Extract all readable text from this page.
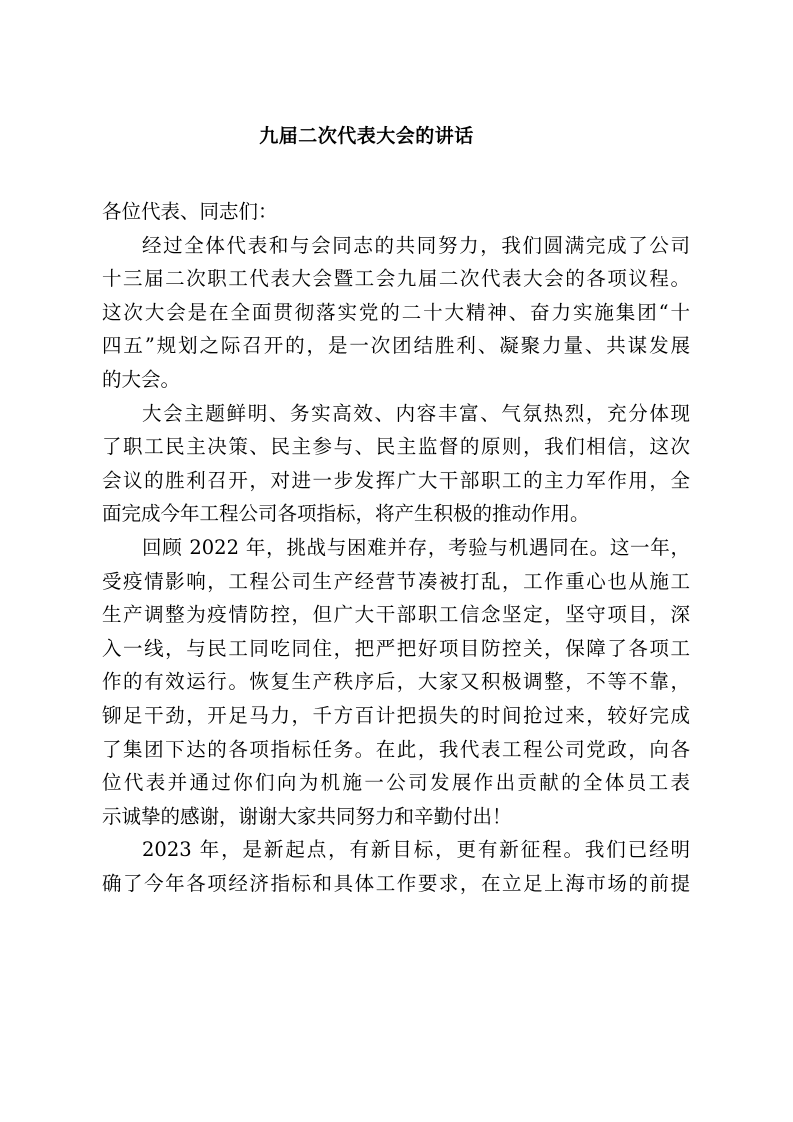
九届二次代表大会的讲话
各位代表、同志们：
经过全体代表和与会同志的共同努力，我们圆满完成了公司
十三届二次职工代表大会暨工会九届二次代表大会的各项议程。
这次大会是在全面贯彻落实党的二十大精神、奋力实施集团“十
四五”规划之际召开的，是一次团结胜利、凝聚力量、共谋发展
的大会。
大会主题鲜明、务实高效、内容丰富、气氛热烈，充分体现
了职工民主决策、民主参与、民主监督的原则，我们相信，这次
会议的胜利召开，对进一步发挥广大干部职工的主力军作用，全
面完成今年工程公司各项指标，将产生积极的推动作用。
回顾 2022 年，挑战与困难并存，考验与机遇同在。这一年，
受疫情影响，工程公司生产经营节凑被打乱，工作重心也从施工
生产调整为疫情防控，但广大干部职工信念坚定，坚守项目，深
入一线，与民工同吃同住，把严把好项目防控关，保障了各项工
作的有效运行。恢复生产秩序后，大家又积极调整，不等不靠，
铆足干劲，开足马力，千方百计把损失的时间抢过来，较好完成
了集团下达的各项指标任务。在此，我代表工程公司党政，向各
位代表并通过你们向为机施一公司发展作出贡献的全体员工表
示诚挚的感谢，谢谢大家共同努力和辛勤付出！
2023 年，是新起点，有新目标，更有新征程。我们已经明
确了今年各项经济指标和具体工作要求，在立足上海市场的前提
